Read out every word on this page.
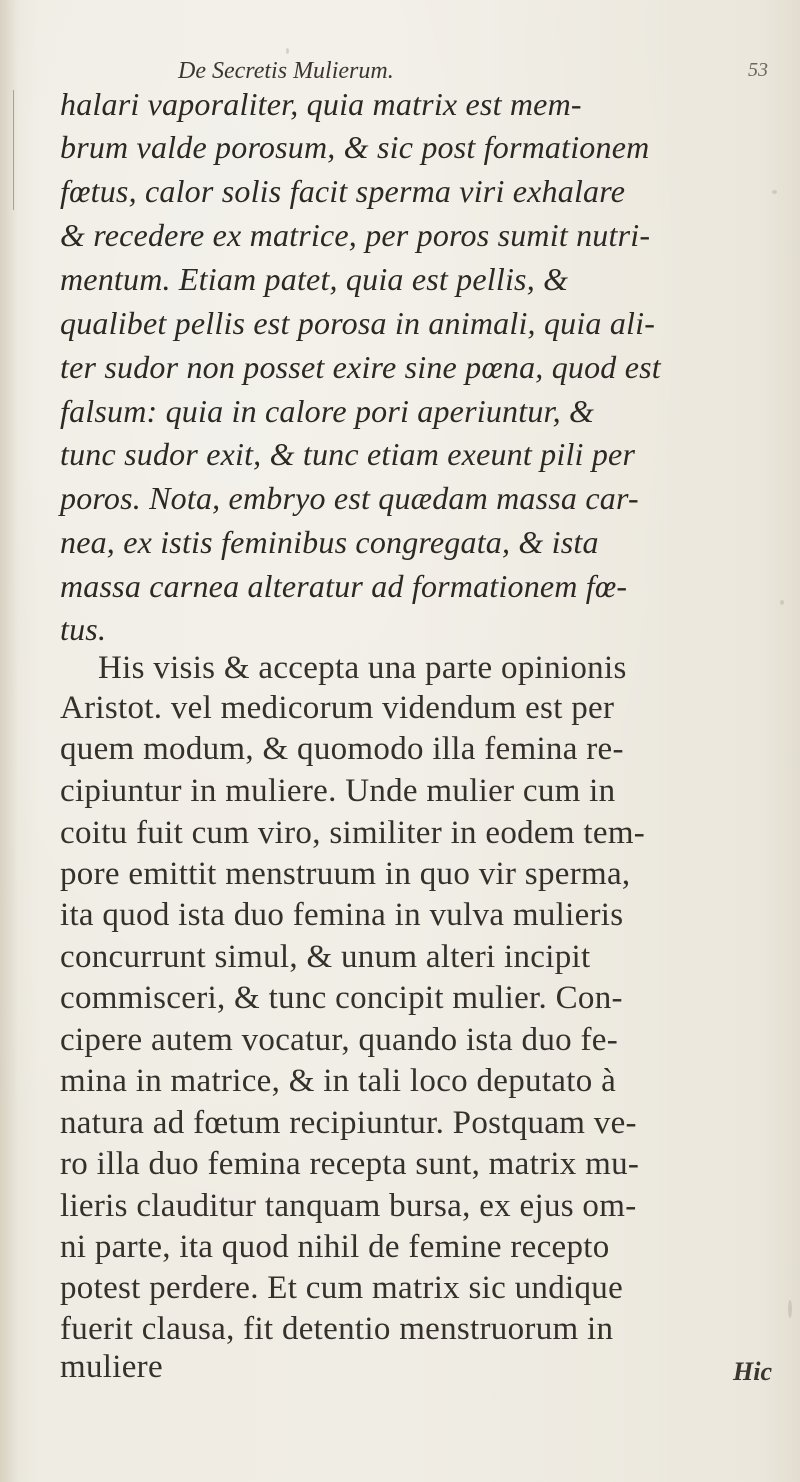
De Secretis Mulierum.	53
halari vaporaliter, quia matrix est mem-
brum valde porosum, & sic post formationem
fœtus, calor solis facit sperma viri exhalare
& recedere ex matrice, per poros sumit nutri-
mentum. Etiam patet, quia est pellis, &
qualibet pellis est porosa in animali, quia ali-
ter sudor non posset exire sine pœna, quod est
falsum: quia in calore pori aperiuntur, &
tunc sudor exit, & tunc etiam exeunt pili per
poros. Nota, embryo est quædam massa car-
nea, ex istis feminibus congregata, & ista
massa carnea alteratur ad formationem fœ-
tus.
His visis & accepta una parte opinionis
Aristot. vel medicorum videndum est per
quem modum, & quomodo illa femina re-
cipiuntur in muliere. Unde mulier cum in
coitu fuit cum viro, similiter in eodem tem-
pore emittit menstruum in quo vir sperma,
ita quod ista duo femina in vulva mulieris
concurrunt simul, & unum alteri incipit
commisceri, & tunc concipit mulier. Con-
cipere autem vocatur, quando ista duo fe-
mina in matrice, & in tali loco deputato à
natura ad fœtum recipiuntur. Postquam ve-
ro illa duo femina recepta sunt, matrix mu-
lieris clauditur tanquam bursa, ex ejus om-
ni parte, ita quod nihil de femine recepto
potest perdere. Et cum matrix sic undique
fuerit clausa, fit detentio menstruorum in
muliere	Hic
